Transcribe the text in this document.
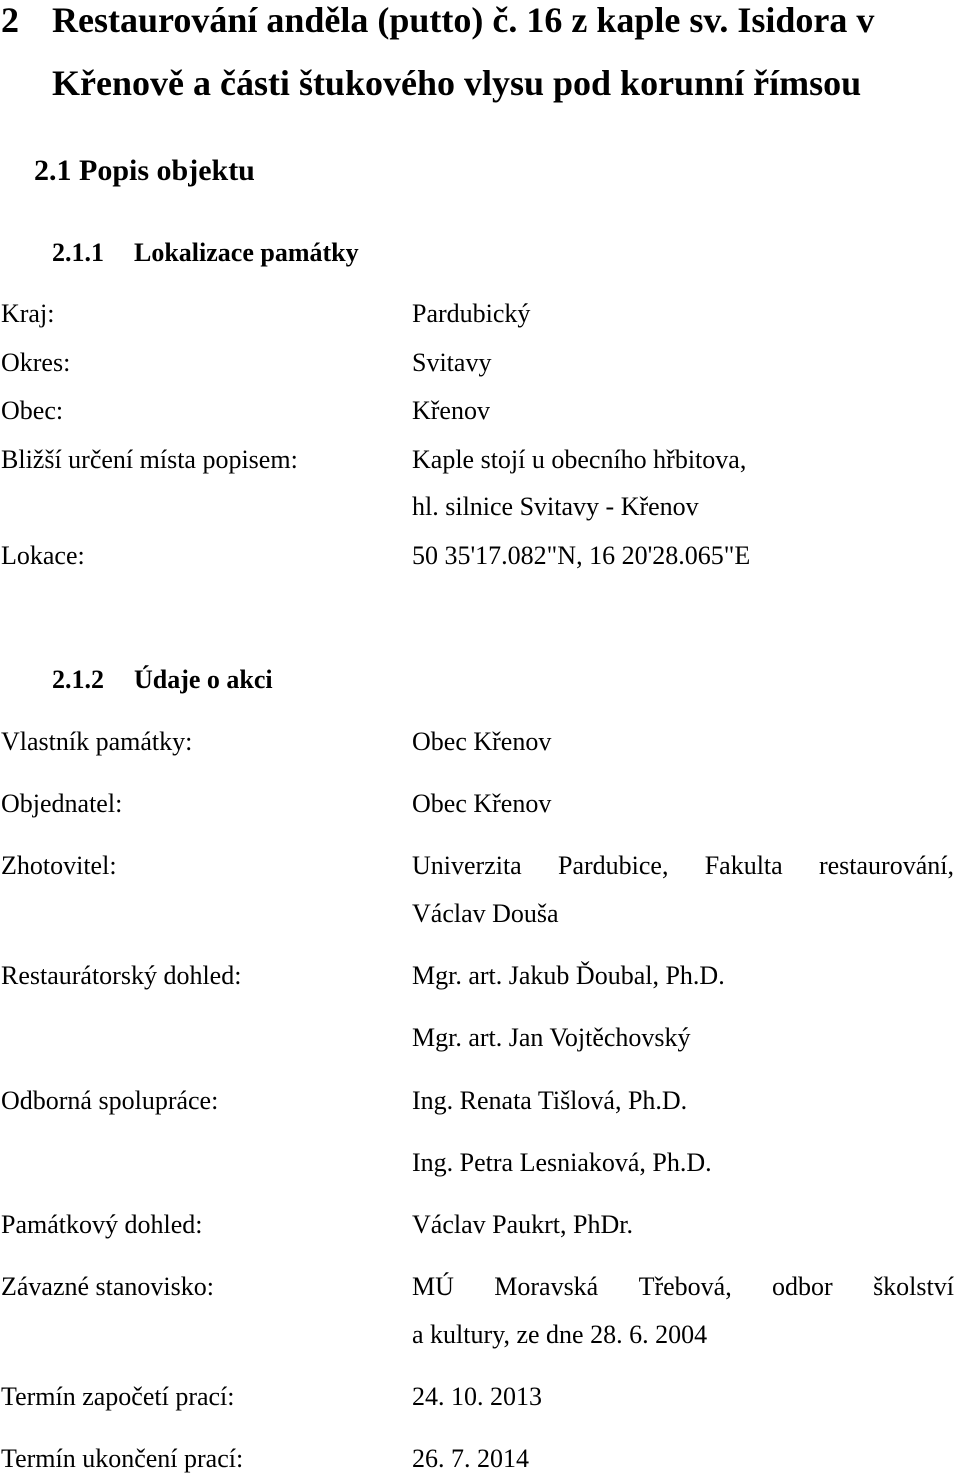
2 Restaurování anděla (putto) č. 16 z kaple sv. Isidora v
Křenově a části štukového vlysu pod korunní římsou
2.1 Popis objektu
2.1.1 Lokalizace památky
Kraj:	Pardubický
Okres:	Svitavy
Obec:	Křenov
Bližší určení místa popisem:	Kaple stojí u obecního hřbitova,
hl. silnice Svitavy - Křenov
Lokace:	50 35'17.082"N, 16 20'28.065"E
2.1.2 Údaje o akci
Vlastník památky:	Obec Křenov
Objednatel:	Obec Křenov
Zhotovitel:	Univerzita Pardubice, Fakulta restaurování,
Václav Douša
Restaurátorský dohled:	Mgr. art. Jakub Ďoubal, Ph.D.
Mgr. art. Jan Vojtěchovský
Odborná spolupráce:	Ing. Renata Tišlová, Ph.D.
Ing. Petra Lesniaková, Ph.D.
Památkový dohled:	Václav Paukrt, PhDr.
Závazné stanovisko:	MÚ Moravská Třebová, odbor školství
a kultury, ze dne 28. 6. 2004
Termín započetí prací:	24. 10. 2013
Termín ukončení prací:	26. 7. 2014
